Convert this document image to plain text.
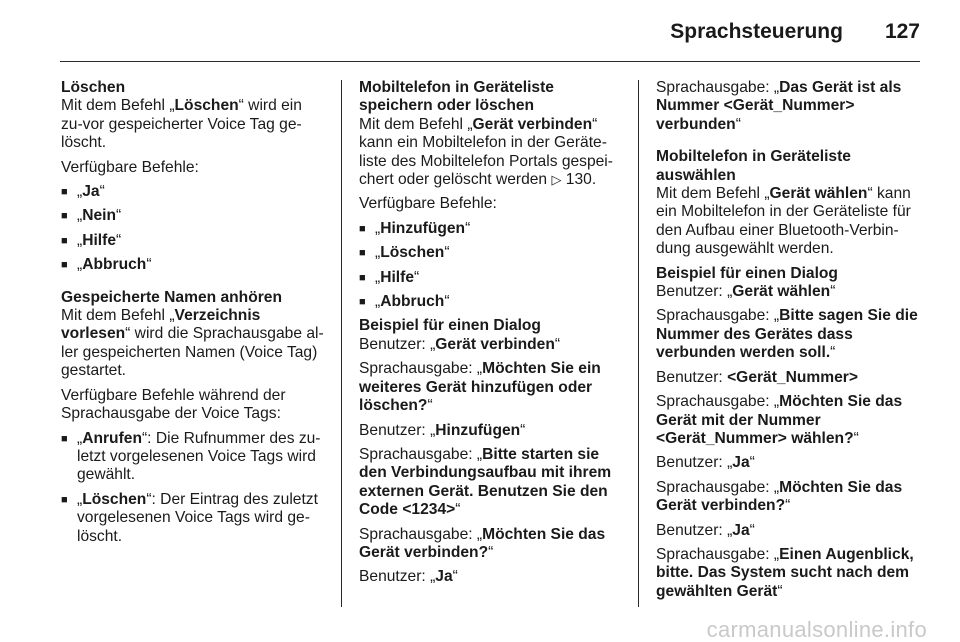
Sprachsteuerung 127
Löschen

Mit dem Befehl „Löschen“ wird ein zu-vor gespeicherter Voice Tag ge-löscht.

Verfügbare Befehle:

■ „Ja“
■ „Nein“
■ „Hilfe“
■ „Abbruch“
Gespeicherte Namen anhören

Mit dem Befehl „Verzeichnis vorlesen“ wird die Sprachausgabe al-ler gespeicherten Namen (Voice Tag) gestartet.

Verfügbare Befehle während der Sprachausgabe der Voice Tags:

■ „Anrufen“: Die Rufnummer des zu-letzt vorgelesenen Voice Tags wird gewählt.
■ „Löschen“: Der Eintrag des zuletzt vorgelesenen Voice Tags wird ge-löscht.
Mobiltelefon in Geräteliste speichern oder löschen

Mit dem Befehl „Gerät verbinden“ kann ein Mobiltelefon in der Geräte-liste des Mobiltelefon Portals gespei-chert oder gelöscht werden ▷ 130.

Verfügbare Befehle:

■ „Hinzufügen“
■ „Löschen“
■ „Hilfe“
■ „Abbruch“
Beispiel für einen Dialog

Benutzer: „Gerät verbinden“

Sprachausgabe: „Möchten Sie ein weiteres Gerät hinzufügen oder löschen?“

Benutzer: „Hinzufügen“

Sprachausgabe: „Bitte starten sie den Verbindungsaufbau mit ihrem externen Gerät. Benutzen Sie den Code <1234>“

Sprachausgabe: „Möchten Sie das Gerät verbinden?“

Benutzer: „Ja“

Sprachausgabe: „Das Gerät ist als Nummer <Gerät_Nummer> verbunden“

Mobiltelefon in Geräteliste auswählen

Mit dem Befehl „Gerät wählen“ kann ein Mobiltelefon in der Geräteliste für den Aufbau einer Bluetooth-Verbin-dung ausgewählt werden.

Beispiel für einen Dialog

Benutzer: „Gerät wählen“

Sprachausgabe: „Bitte sagen Sie die Nummer des Gerätes dass verbunden werden soll.“

Benutzer: <Gerät_Nummer>

Sprachausgabe: „Möchten Sie das Gerät mit der Nummer <Gerät_Nummer> wählen?“

Benutzer: „Ja“

Sprachausgabe: „Möchten Sie das Gerät verbinden?“

Benutzer: „Ja“

Sprachausgabe: „Einen Augenblick, bitte. Das System sucht nach dem gewählten Gerät“

carmanualsonline.info
